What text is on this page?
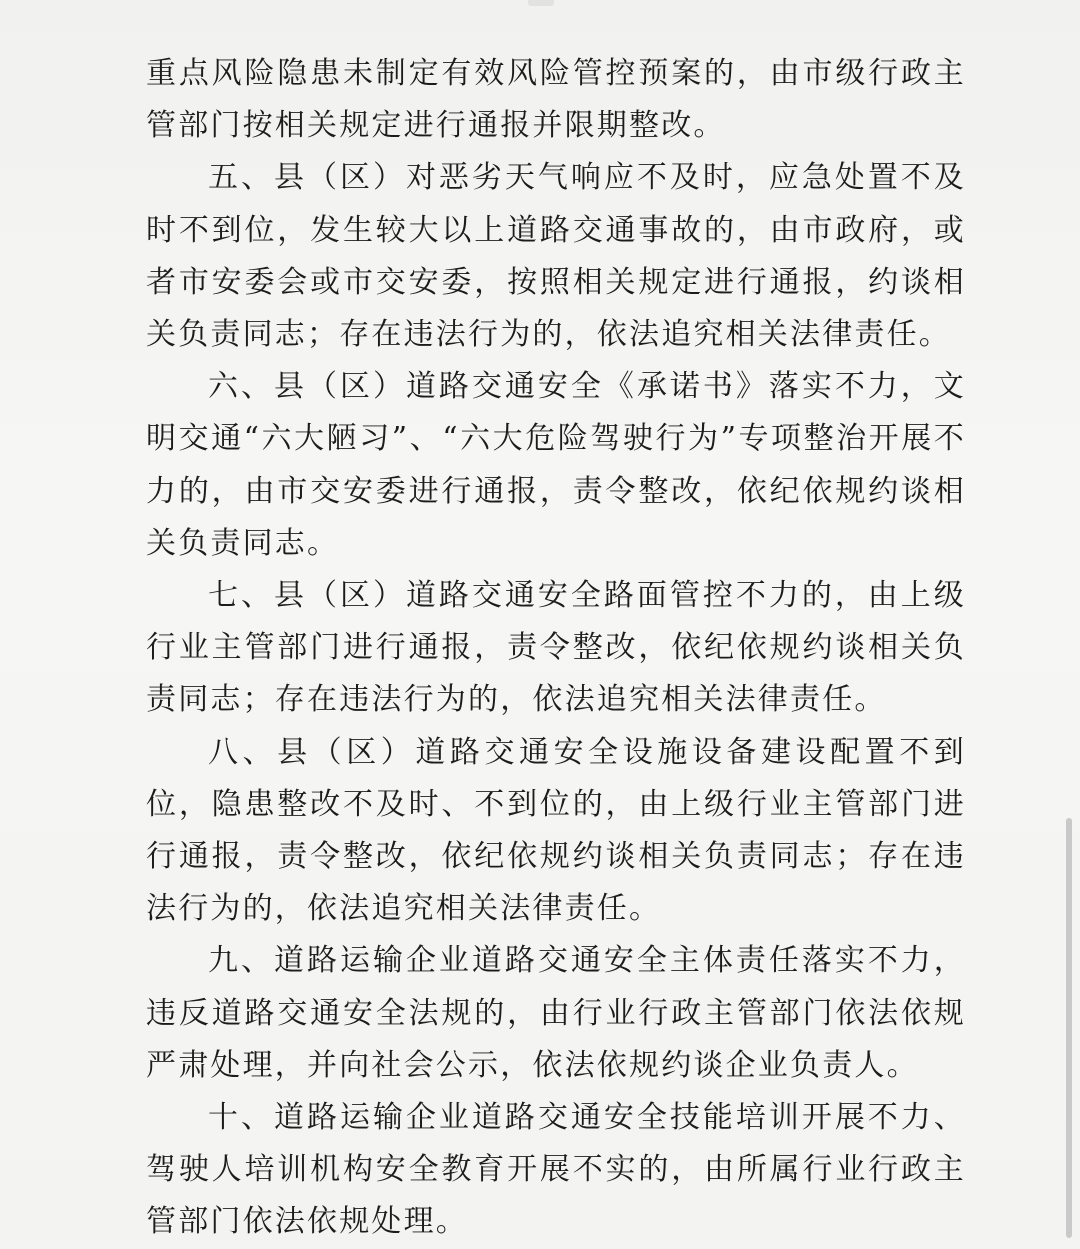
重点风险隐患未制定有效风险管控预案的，由市级行政主管部门按相关规定进行通报并限期整改。

五、县（区）对恶劣天气响应不及时，应急处置不及时不到位，发生较大以上道路交通事故的，由市政府，或者市安委会或市交安委，按照相关规定进行通报，约谈相关负责同志；存在违法行为的，依法追究相关法律责任。

六、县（区）道路交通安全《承诺书》落实不力，文明交通“六大陋习”、“六大危险驾驶行为”专项整治开展不力的，由市交安委进行通报，责令整改，依纪依规约谈相关负责同志。

七、县（区）道路交通安全路面管控不力的，由上级行业主管部门进行通报，责令整改，依纪依规约谈相关负责同志；存在违法行为的，依法追究相关法律责任。

八、县（区）道路交通安全设施设备建设配置不到位，隐患整改不及时、不到位的，由上级行业主管部门进行通报，责令整改，依纪依规约谈相关负责同志；存在违法行为的，依法追究相关法律责任。

九、道路运输企业道路交通安全主体责任落实不力，违反道路交通安全法规的，由行业行政主管部门依法依规严肃处理，并向社会公示，依法依规约谈企业负责人。

十、道路运输企业道路交通安全技能培训开展不力、驾驶人培训机构安全教育开展不实的，由所属行业行政主管部门依法依规处理。
